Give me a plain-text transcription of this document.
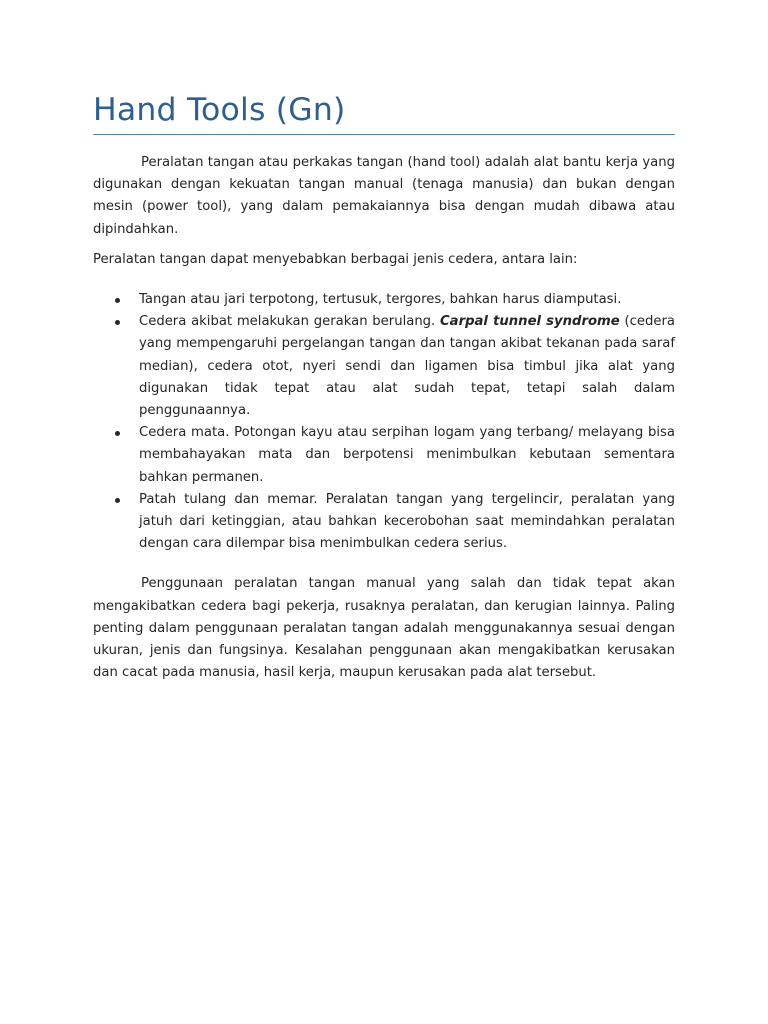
Hand Tools (Gn)

Peralatan tangan atau perkakas tangan (hand tool) adalah alat bantu kerja yang digunakan dengan kekuatan tangan manual (tenaga manusia) dan bukan dengan mesin (power tool), yang dalam pemakaiannya bisa dengan mudah dibawa atau dipindahkan.

Peralatan tangan dapat menyebabkan berbagai jenis cedera, antara lain:

Tangan atau jari terpotong, tertusuk, tergores, bahkan harus diamputasi.
Cedera akibat melakukan gerakan berulang. Carpal tunnel syndrome (cedera yang mempengaruhi pergelangan tangan dan tangan akibat tekanan pada saraf median), cedera otot, nyeri sendi dan ligamen bisa timbul jika alat yang digunakan tidak tepat atau alat sudah tepat, tetapi salah dalam penggunaannya.
Cedera mata. Potongan kayu atau serpihan logam yang terbang/ melayang bisa membahayakan mata dan berpotensi menimbulkan kebutaan sementara bahkan permanen.
Patah tulang dan memar. Peralatan tangan yang tergelincir, peralatan yang jatuh dari ketinggian, atau bahkan kecerobohan saat memindahkan peralatan dengan cara dilempar bisa menimbulkan cedera serius.

Penggunaan peralatan tangan manual yang salah dan tidak tepat akan mengakibatkan cedera bagi pekerja, rusaknya peralatan, dan kerugian lainnya. Paling penting dalam penggunaan peralatan tangan adalah menggunakannya sesuai dengan ukuran, jenis dan fungsinya. Kesalahan penggunaan akan mengakibatkan kerusakan dan cacat pada manusia, hasil kerja, maupun kerusakan pada alat tersebut.
